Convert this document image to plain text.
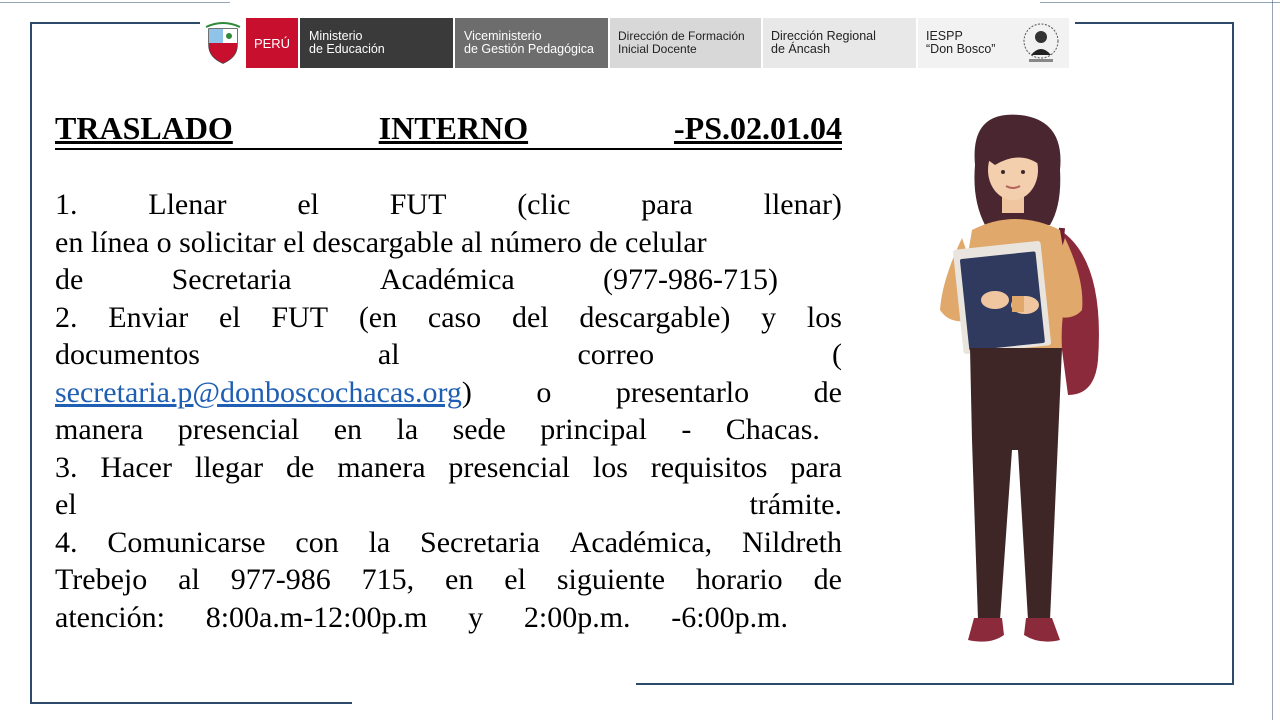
PERÚ Ministerio
de Educación
Viceministerio
de Gestión Pedagógica
Dirección de Formación
Inicial Docente
Dirección Regional
de Áncash
IESPP
“Don Bosco”
TRASLADO	INTERNO	-PS.02.01.04
1. Llenar el FUT (clic para llenar)
en línea o solicitar el descargable al número de celular
de	Secretaria	Académica	(977-986-715)
2. Enviar el FUT (en caso del descargable) y los
documentos	al	correo	(
secretaria.p@donboscochacas.org) o presentarlo de
manera presencial en la sede principal - Chacas.
3. Hacer llegar de manera presencial los requisitos para
el	trámite.
4. Comunicarse con la Secretaria Académica, Nildreth
Trebejo al 977-986 715, en el siguiente horario de
atención: 8:00a.m-12:00p.m y 2:00p.m. -6:00p.m.
